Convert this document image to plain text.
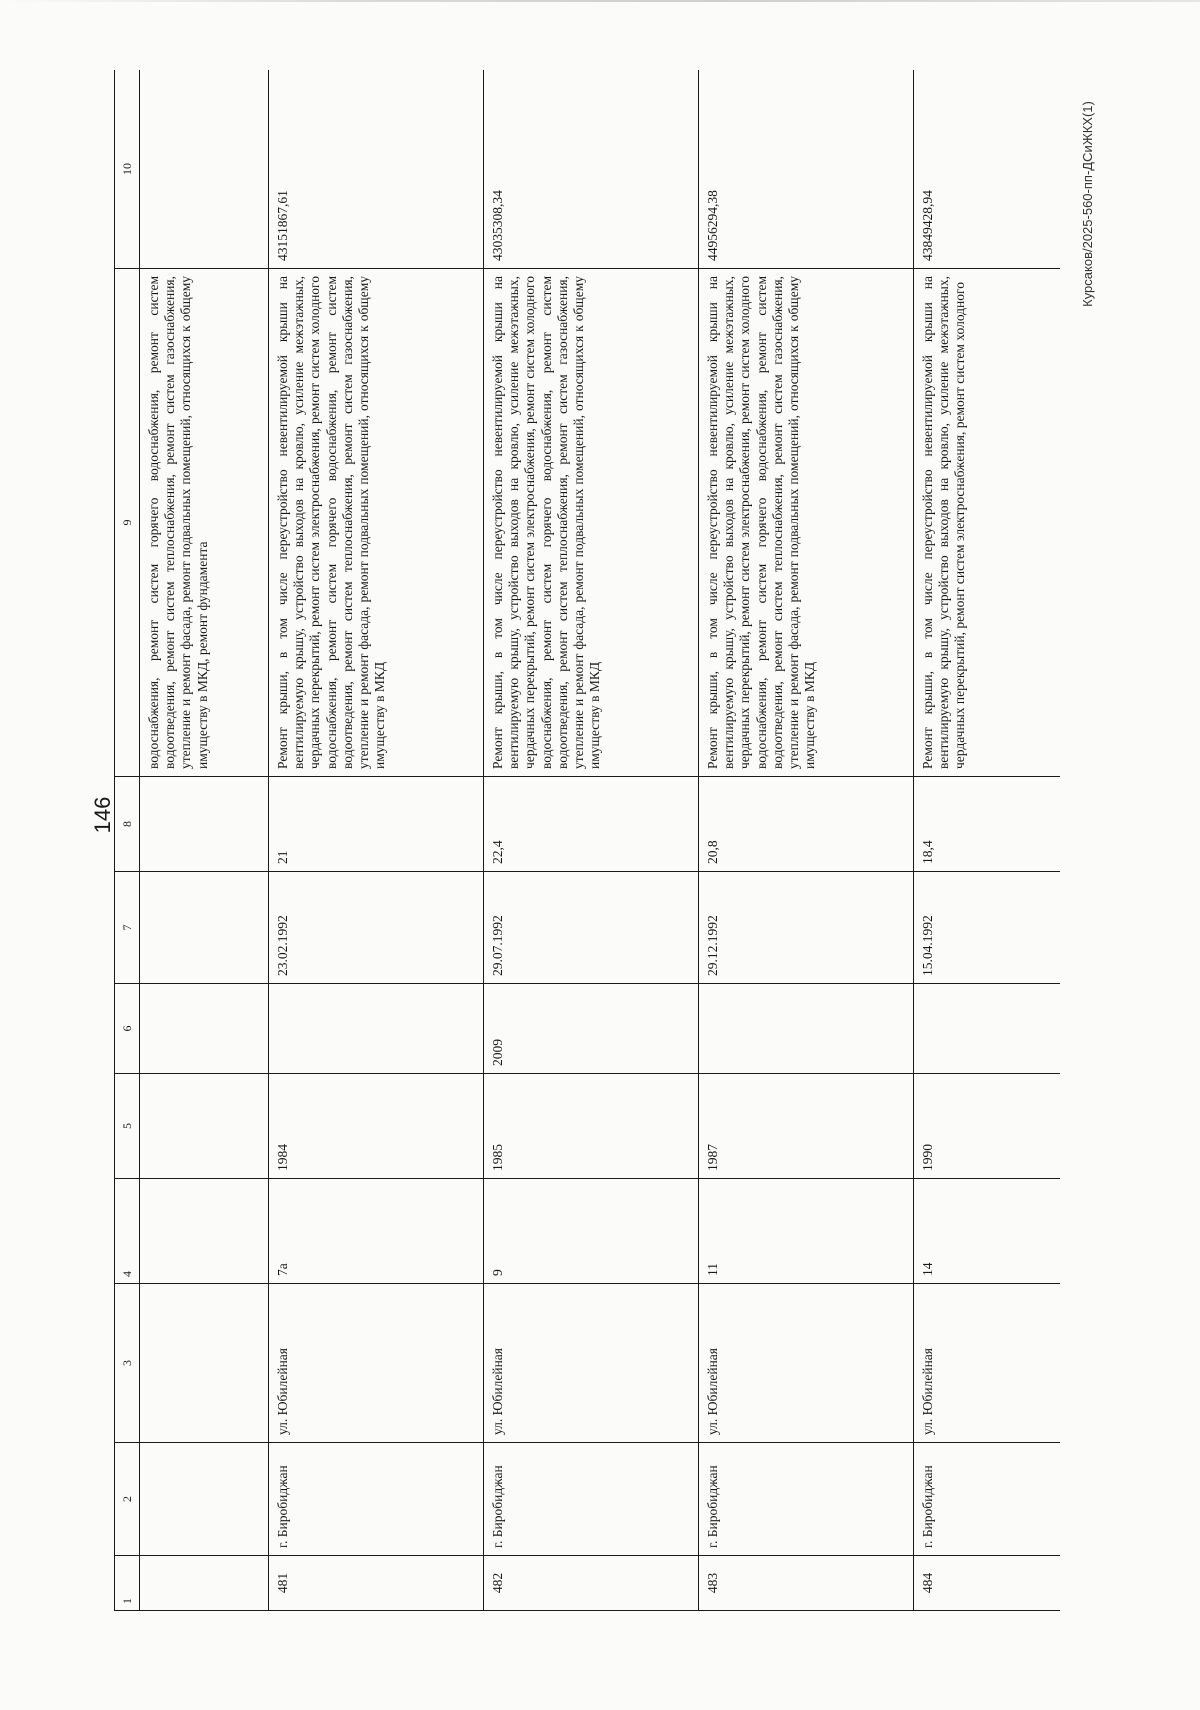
146
Курсаков/2025-560-пп-ДСиЖКХ(1)
1	2	3	4	5	6	7	8	9	10
								водоснабжения, ремонт систем горячего водоснабжения, ремонт систем водоотведения, ремонт систем теплоснабжения, ремонт систем газоснабжения, утепление и ремонт фасада, ремонт подвальных помещений, относящихся к общему имуществу в МКД, ремонт фундамента	
481	г. Биробиджан	ул. Юбилейная	7а	1984		23.02.1992	21	Ремонт крыши, в том числе переустройство невентилируемой крыши на вентилируемую крышу, устройство выходов на кровлю, усиление межэтажных, чердачных перекрытий, ремонт систем электроснабжения, ремонт систем холодного водоснабжения, ремонт систем горячего водоснабжения, ремонт систем водоотведения, ремонт систем теплоснабжения, ремонт систем газоснабжения, утепление и ремонт фасада, ремонт подвальных помещений, относящихся к общему имуществу в МКД	43151867,61
482	г. Биробиджан	ул. Юбилейная	9	1985	2009	29.07.1992	22,4	Ремонт крыши, в том числе переустройство невентилируемой крыши на вентилируемую крышу, устройство выходов на кровлю, усиление межэтажных, чердачных перекрытий, ремонт систем электроснабжения, ремонт систем холодного водоснабжения, ремонт систем горячего водоснабжения, ремонт систем водоотведения, ремонт систем теплоснабжения, ремонт систем газоснабжения, утепление и ремонт фасада, ремонт подвальных помещений, относящихся к общему имуществу в МКД	43035308,34
483	г. Биробиджан	ул. Юбилейная	11	1987		29.12.1992	20,8	Ремонт крыши, в том числе переустройство невентилируемой крыши на вентилируемую крышу, устройство выходов на кровлю, усиление межэтажных, чердачных перекрытий, ремонт систем электроснабжения, ремонт систем холодного водоснабжения, ремонт систем горячего водоснабжения, ремонт систем водоотведения, ремонт систем теплоснабжения, ремонт систем газоснабжения, утепление и ремонт фасада, ремонт подвальных помещений, относящихся к общему имуществу в МКД	44956294,38
484	г. Биробиджан	ул. Юбилейная	14	1990		15.04.1992	18,4	Ремонт крыши, в том числе переустройство невентилируемой крыши на вентилируемую крышу, устройство выходов на кровлю, усиление межэтажных, чердачных перекрытий, ремонт систем электроснабжения, ремонт систем холодного	43849428,94
